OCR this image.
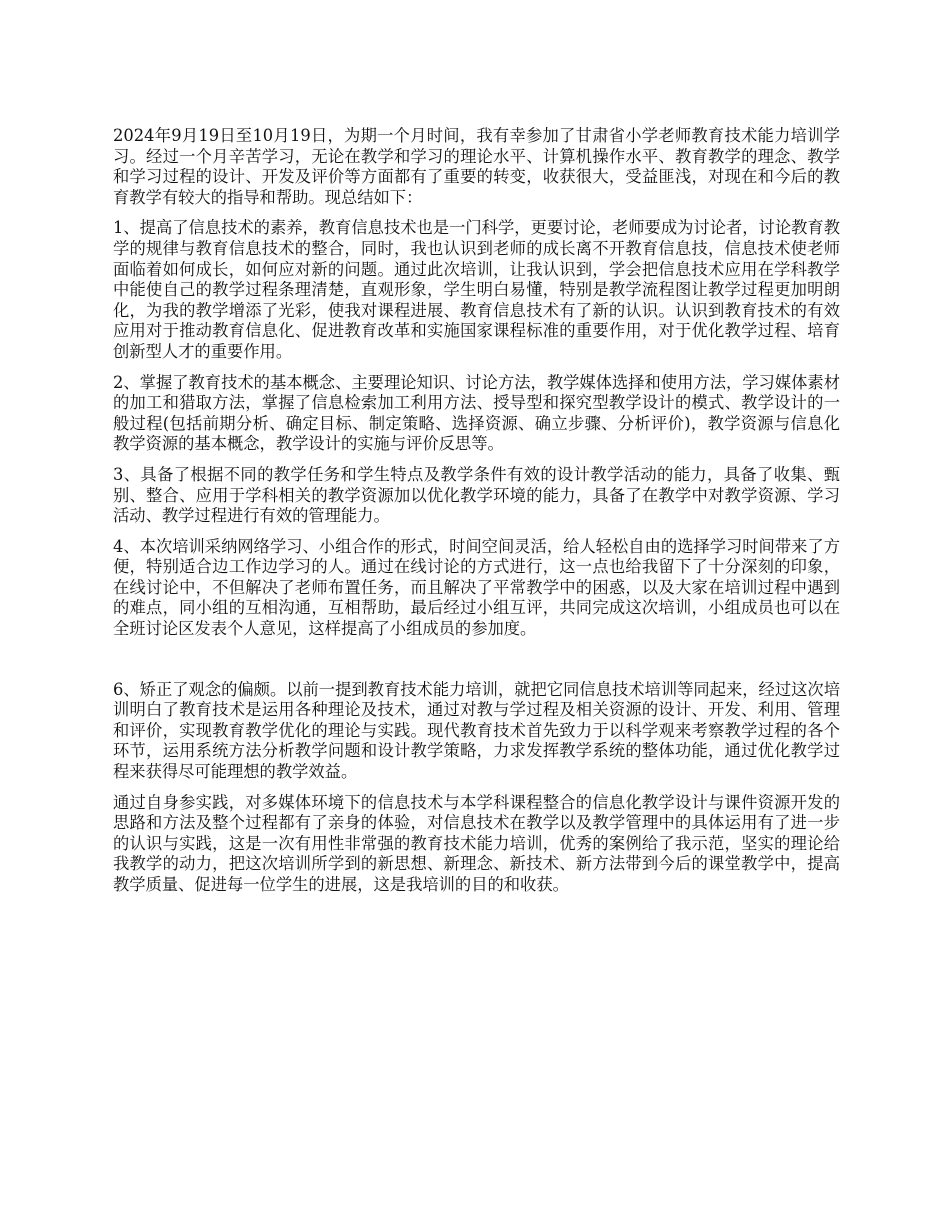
2024年9月19日至10月19日，为期一个月时间，我有幸参加了甘肃省小学老师教育技术能力培训学习。经过一个月辛苦学习，无论在教学和学习的理论水平、计算机操作水平、教育教学的理念、教学和学习过程的设计、开发及评价等方面都有了重要的转变，收获很大，受益匪浅，对现在和今后的教育教学有较大的指导和帮助。现总结如下：

1、提高了信息技术的素养，教育信息技术也是一门科学，更要讨论，老师要成为讨论者，讨论教育教学的规律与教育信息技术的整合，同时，我也认识到老师的成长离不开教育信息技，信息技术使老师面临着如何成长，如何应对新的问题。通过此次培训，让我认识到，学会把信息技术应用在学科教学中能使自己的教学过程条理清楚，直观形象，学生明白易懂，特别是教学流程图让教学过程更加明朗化，为我的教学增添了光彩，使我对课程进展、教育信息技术有了新的认识。认识到教育技术的有效应用对于推动教育信息化、促进教育改革和实施国家课程标准的重要作用，对于优化教学过程、培育创新型人才的重要作用。

2、掌握了教育技术的基本概念、主要理论知识、讨论方法，教学媒体选择和使用方法，学习媒体素材的加工和猎取方法，掌握了信息检索加工利用方法、授导型和探究型教学设计的模式、教学设计的一般过程(包括前期分析、确定目标、制定策略、选择资源、确立步骤、分析评价)，教学资源与信息化教学资源的基本概念，教学设计的实施与评价反思等。

3、具备了根据不同的教学任务和学生特点及教学条件有效的设计教学活动的能力，具备了收集、甄别、整合、应用于学科相关的教学资源加以优化教学环境的能力，具备了在教学中对教学资源、学习活动、教学过程进行有效的管理能力。

4、本次培训采纳网络学习、小组合作的形式，时间空间灵活，给人轻松自由的选择学习时间带来了方便，特别适合边工作边学习的人。通过在线讨论的方式进行，这一点也给我留下了十分深刻的印象，在线讨论中，不但解决了老师布置任务，而且解决了平常教学中的困惑，以及大家在培训过程中遇到的难点，同小组的互相沟通，互相帮助，最后经过小组互评，共同完成这次培训，小组成员也可以在全班讨论区发表个人意见，这样提高了小组成员的参加度。

6、矫正了观念的偏颇。以前一提到教育技术能力培训，就把它同信息技术培训等同起来，经过这次培训明白了教育技术是运用各种理论及技术，通过对教与学过程及相关资源的设计、开发、利用、管理和评价，实现教育教学优化的理论与实践。现代教育技术首先致力于以科学观来考察教学过程的各个环节，运用系统方法分析教学问题和设计教学策略，力求发挥教学系统的整体功能，通过优化教学过程来获得尽可能理想的教学效益。

通过自身参实践，对多媒体环境下的信息技术与本学科课程整合的信息化教学设计与课件资源开发的思路和方法及整个过程都有了亲身的体验，对信息技术在教学以及教学管理中的具体运用有了进一步的认识与实践，这是一次有用性非常强的教育技术能力培训，优秀的案例给了我示范，坚实的理论给我教学的动力，把这次培训所学到的新思想、新理念、新技术、新方法带到今后的课堂教学中，提高教学质量、促进每一位学生的进展，这是我培训的目的和收获。
